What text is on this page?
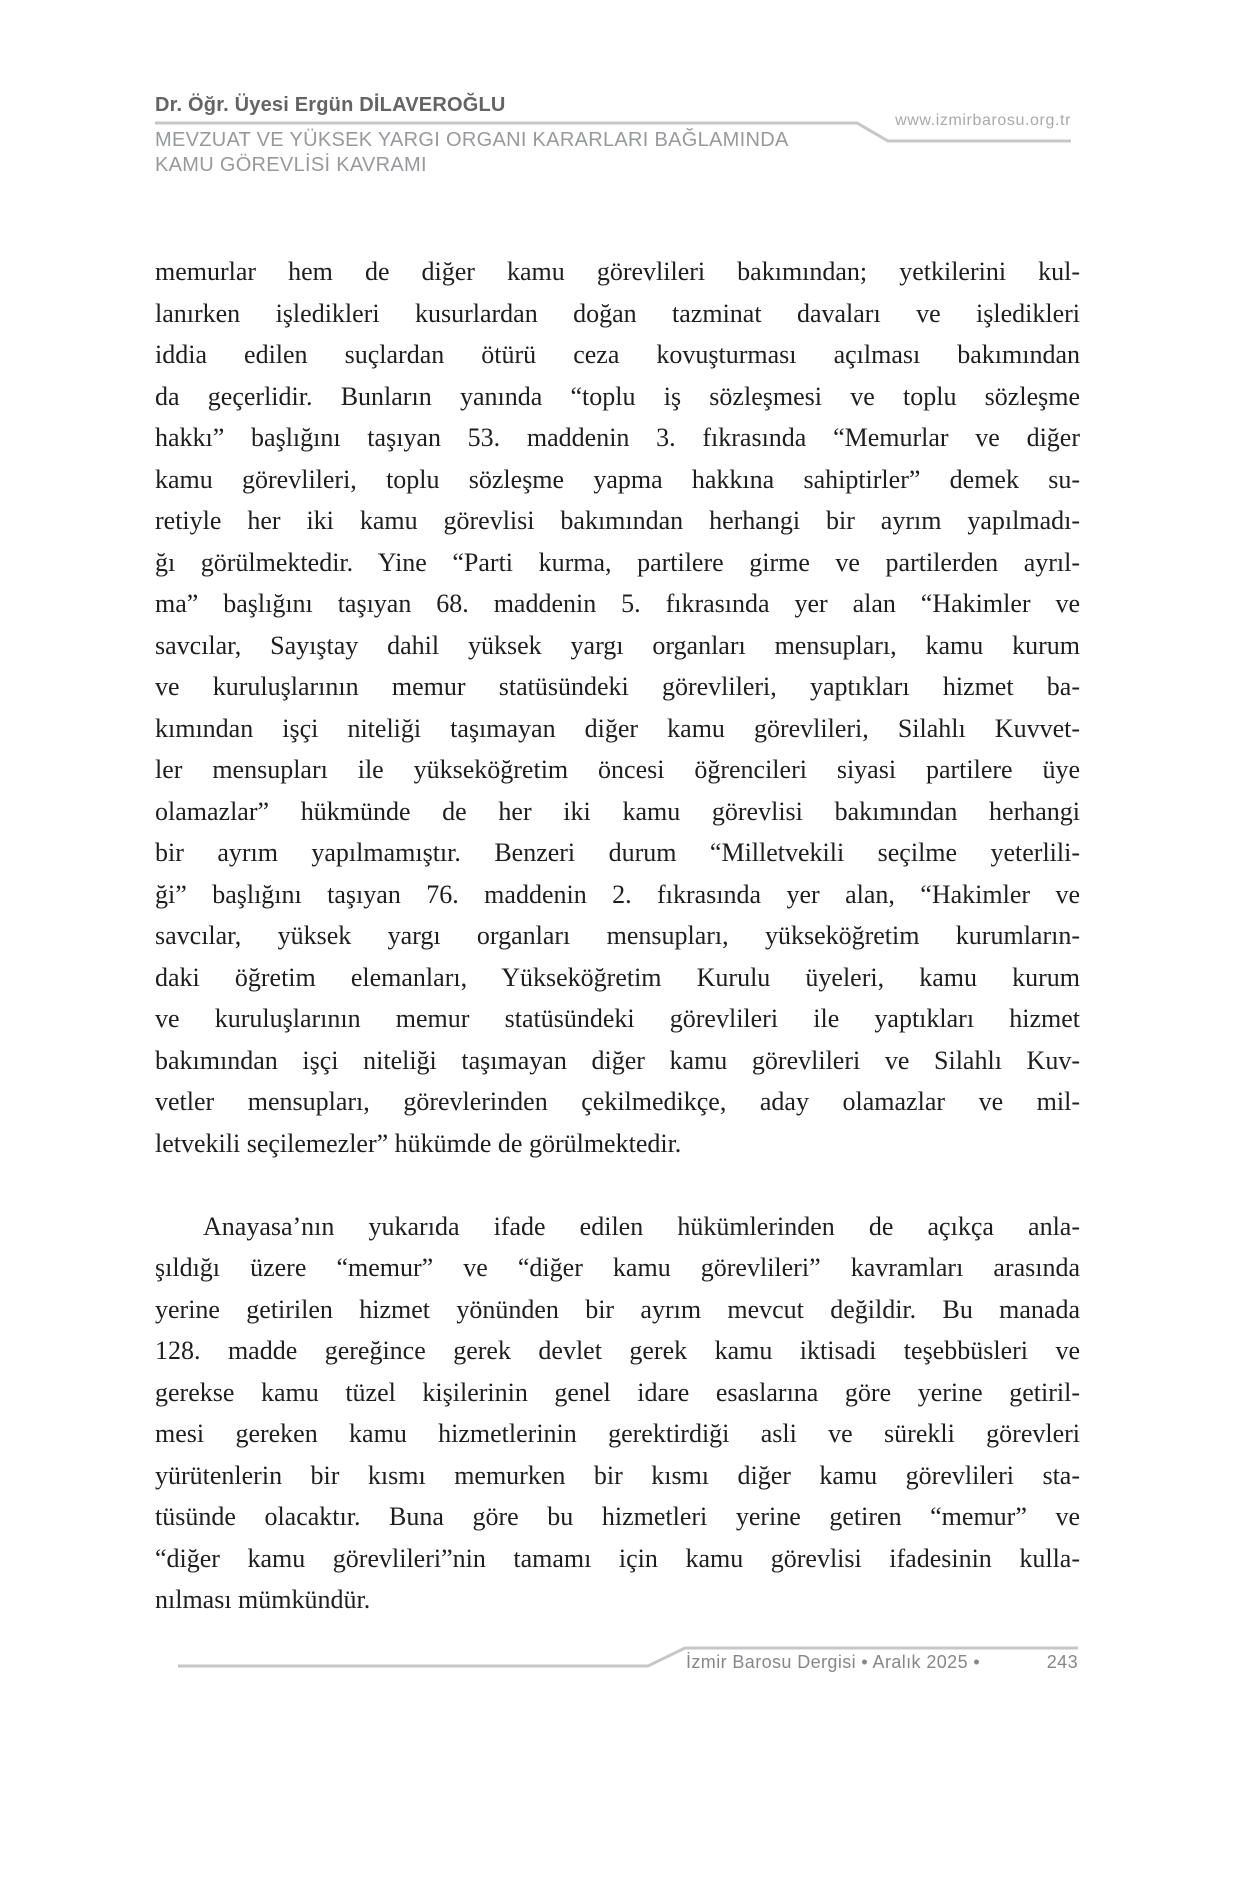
Dr. Öğr. Üyesi Ergün DİLAVEROĞLU
www.izmirbarosu.org.tr
MEVZUAT VE YÜKSEK YARGI ORGANI KARARLARI BAĞLAMINDA
KAMU GÖREVLİSİ KAVRAMI
memurlar hem de diğer kamu görevlileri bakımından; yetkilerini kul-
lanırken işledikleri kusurlardan doğan tazminat davaları ve işledikleri
iddia edilen suçlardan ötürü ceza kovuşturması açılması bakımından
da geçerlidir. Bunların yanında “toplu iş sözleşmesi ve toplu sözleşme
hakkı” başlığını taşıyan 53. maddenin 3. fıkrasında “Memurlar ve diğer
kamu görevlileri, toplu sözleşme yapma hakkına sahiptirler” demek su-
retiyle her iki kamu görevlisi bakımından herhangi bir ayrım yapılmadı-
ğı görülmektedir. Yine “Parti kurma, partilere girme ve partilerden ayrıl-
ma” başlığını taşıyan 68. maddenin 5. fıkrasında yer alan “Hakimler ve
savcılar, Sayıştay dahil yüksek yargı organları mensupları, kamu kurum
ve kuruluşlarının memur statüsündeki görevlileri, yaptıkları hizmet ba-
kımından işçi niteliği taşımayan diğer kamu görevlileri, Silahlı Kuvvet-
ler mensupları ile yükseköğretim öncesi öğrencileri siyasi partilere üye
olamazlar” hükmünde de her iki kamu görevlisi bakımından herhangi
bir ayrım yapılmamıştır. Benzeri durum “Milletvekili seçilme yeterlili-
ği” başlığını taşıyan 76. maddenin 2. fıkrasında yer alan, “Hakimler ve
savcılar, yüksek yargı organları mensupları, yükseköğretim kurumların-
daki öğretim elemanları, Yükseköğretim Kurulu üyeleri, kamu kurum
ve kuruluşlarının memur statüsündeki görevlileri ile yaptıkları hizmet
bakımından işçi niteliği taşımayan diğer kamu görevlileri ve Silahlı Kuv-
vetler mensupları, görevlerinden çekilmedikçe, aday olamazlar ve mil-
letvekili seçilemezler” hükümde de görülmektedir.
Anayasa’nın yukarıda ifade edilen hükümlerinden de açıkça anla-
şıldığı üzere “memur” ve “diğer kamu görevlileri” kavramları arasında
yerine getirilen hizmet yönünden bir ayrım mevcut değildir. Bu manada
128. madde gereğince gerek devlet gerek kamu iktisadi teşebbüsleri ve
gerekse kamu tüzel kişilerinin genel idare esaslarına göre yerine getiril-
mesi gereken kamu hizmetlerinin gerektirdiği asli ve sürekli görevleri
yürütenlerin bir kısmı memurken bir kısmı diğer kamu görevlileri sta-
tüsünde olacaktır. Buna göre bu hizmetleri yerine getiren “memur” ve
“diğer kamu görevlileri”nin tamamı için kamu görevlisi ifadesinin kulla-
nılması mümkündür.
İzmir Barosu Dergisi • Aralık 2025 •	243
